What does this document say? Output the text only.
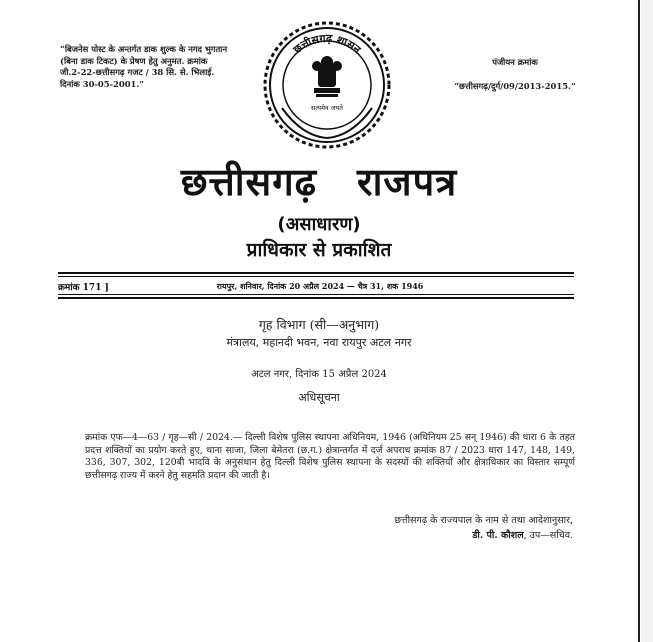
“बिजनेस पोस्ट के अन्तर्गत डाक शुल्क के नगद भुगतान (बिना डाक टिकट) के प्रेषण हेतु अनुमत. क्रमांक जी.2-22-छत्तीसगढ़ गजट / 38 सि. से. भिलाई. दिनांक 30-05-2001.”

पंजीयन क्रमांक

“छत्तीसगढ़/दुर्ग/09/2013-2015.”

छत्तीसगढ़ शासन
सत्यमेव जयते
छत्तीसगढ़ राजपत्र
(असाधारण)
प्राधिकार से प्रकाशित
क्रमांक 171 ]	रायपुर, शनिवार, दिनांक 20 अप्रैल 2024 — चैत्र 31, शक 1946
गृह विभाग (सी—अनुभाग)
मंत्रालय, महानदी भवन, नवा रायपुर अटल नगर
अटल नगर, दिनांक 15 अप्रैल 2024
अधिसूचना
क्रमांक एफ—4—63 / गृह—सी / 2024.— दिल्ली विशेष पुलिस स्थापना अधिनियम, 1946 (अधिनियम 25 सन् 1946) की धारा 6 के तहत प्रदत्त शक्तियों का प्रयोग करते हुए, थाना साजा, जिला बेमेतरा (छ.ग.) क्षेत्रान्तर्गत में दर्ज अपराध क्रमांक 87 / 2023 धारा 147, 148, 149, 336, 307, 302, 120बी भादवि के अनुसंधान हेतु दिल्ली विशेष पुलिस स्थापना के सदस्यों की शक्तियों और क्षेत्राधिकार का विस्तार सम्पूर्ण छत्तीसगढ़ राज्य में करने हेतु सहमति प्रदान की जाती है।
छत्तीसगढ़ के राज्यपाल के नाम से तथा आदेशानुसार,
डी. पी. कौशल, उप—सचिव.
